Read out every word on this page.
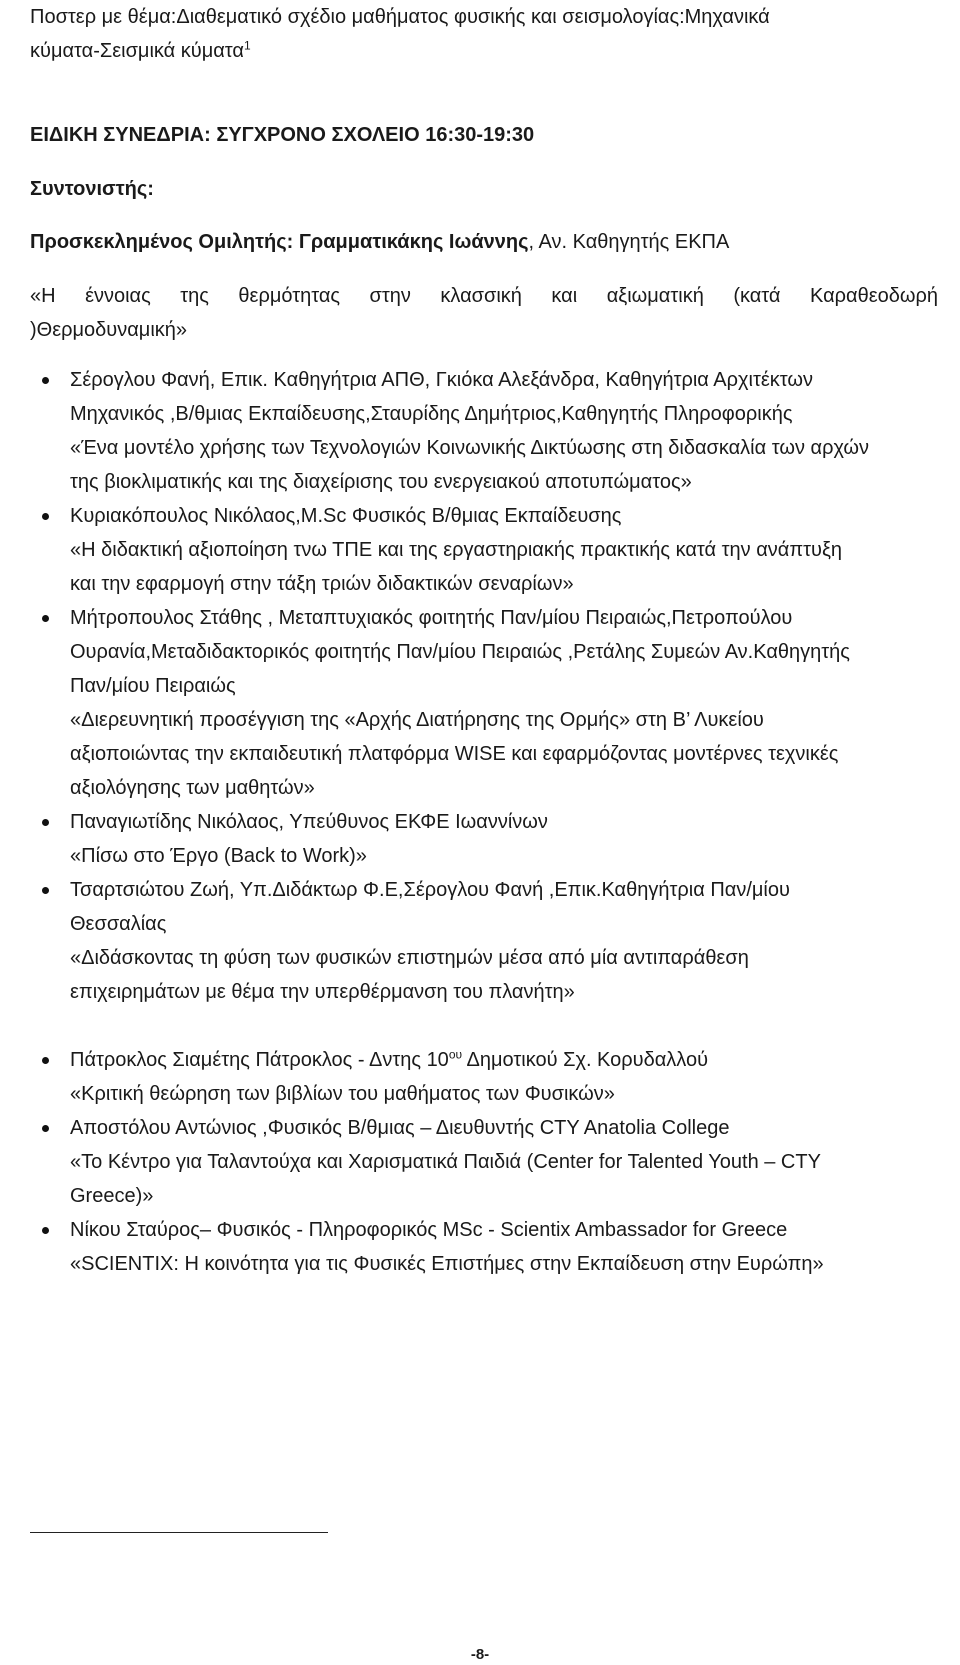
Ποστερ με θέμα:Διαθεματικό σχέδιο μαθήματος φυσικής και σεισμολογίας:Μηχανικά

κύματα-Σεισμικά κύματα$^1$

ΕΙΔΙΚΗ ΣΥΝΕΔΡΙΑ: ΣΥΓΧΡΟΝΟ ΣΧΟΛΕΙΟ 16:30-19:30

Συντονιστής:

Προσκεκλημένος Ομιλητής: Γραμματικάκης Ιωάννης, Αν. Καθηγητής ΕΚΠΑ

«Η έννοιας της θερμότητας στην κλασσική και αξιωματική (κατά Καραθεοδωρή

)Θερμοδυναμική»

Σέρογλου Φανή, Επικ. Καθηγήτρια ΑΠΘ, Γκιόκα Αλεξάνδρα, Καθηγήτρια Αρχιτέκτων

Μηχανικός ,Β/θμιας Εκπαίδευσης,Σταυρίδης Δημήτριος,Καθηγητής Πληροφορικής

«Ένα μοντέλο χρήσης των Τεχνολογιών Κοινωνικής Δικτύωσης στη διδασκαλία των αρχών

της βιοκλιματικής και της διαχείρισης του ενεργειακού αποτυπώματος»

Κυριακόπουλος Νικόλαος,Μ.Sc Φυσικός Β/θμιας Εκπαίδευσης

«Η διδακτική αξιοποίηση τνω ΤΠΕ και της εργαστηριακής πρακτικής κατά την ανάπτυξη

και την εφαρμογή στην τάξη τριών διδακτικών σεναρίων»

Μήτροπουλος Στάθης , Μεταπτυχιακός φοιτητής Παν/μίου Πειραιώς,Πετροπούλου

Ουρανία,Μεταδιδακτορικός φοιτητής Παν/μίου Πειραιώς ,Ρετάλης Συμεών Αν.Καθηγητής

Παν/μίου Πειραιώς

«Διερευνητική προσέγγιση της «Αρχής Διατήρησης της Ορμής» στη Β’ Λυκείου

αξιοποιώντας την εκπαιδευτική πλατφόρμα WISE και εφαρμόζοντας μοντέρνες τεχνικές

αξιολόγησης των μαθητών»

Παναγιωτίδης Νικόλαος, Υπεύθυνος ΕΚΦΕ Ιωαννίνων

«Πίσω στο Έργο (Back to Work)»

Τσαρτσιώτου Ζωή, Υπ.Διδάκτωρ Φ.Ε,Σέρογλου Φανή ,Επικ.Καθηγήτρια Παν/μίου

Θεσσαλίας

«Διδάσκοντας τη φύση των φυσικών επιστημών μέσα από μία αντιπαράθεση

επιχειρημάτων με θέμα την υπερθέρμανση του πλανήτη»

Πάτροκλος Σιαμέτης Πάτροκλος - Δντης $10^{o\upsilon}$ Δημοτικού Σχ. Κορυδαλλού

«Κριτική θεώρηση των βιβλίων του μαθήματος των Φυσικών»

Αποστόλου Αντώνιος ,Φυσικός Β/θμιας – Διευθυντής CTY Anatolia College

«Το Κέντρο για Ταλαντούχα και Χαρισματικά Παιδιά (Center for Talented Youth – CTY

Greece)»

Νίκου Σταύρος– Φυσικός - Πληροφορικός MSc - Scientix Ambassador for Greece

«SCIENTIX: Η κοινότητα για τις Φυσικές Επιστήμες στην Εκπαίδευση στην Ευρώπη»

-8-
